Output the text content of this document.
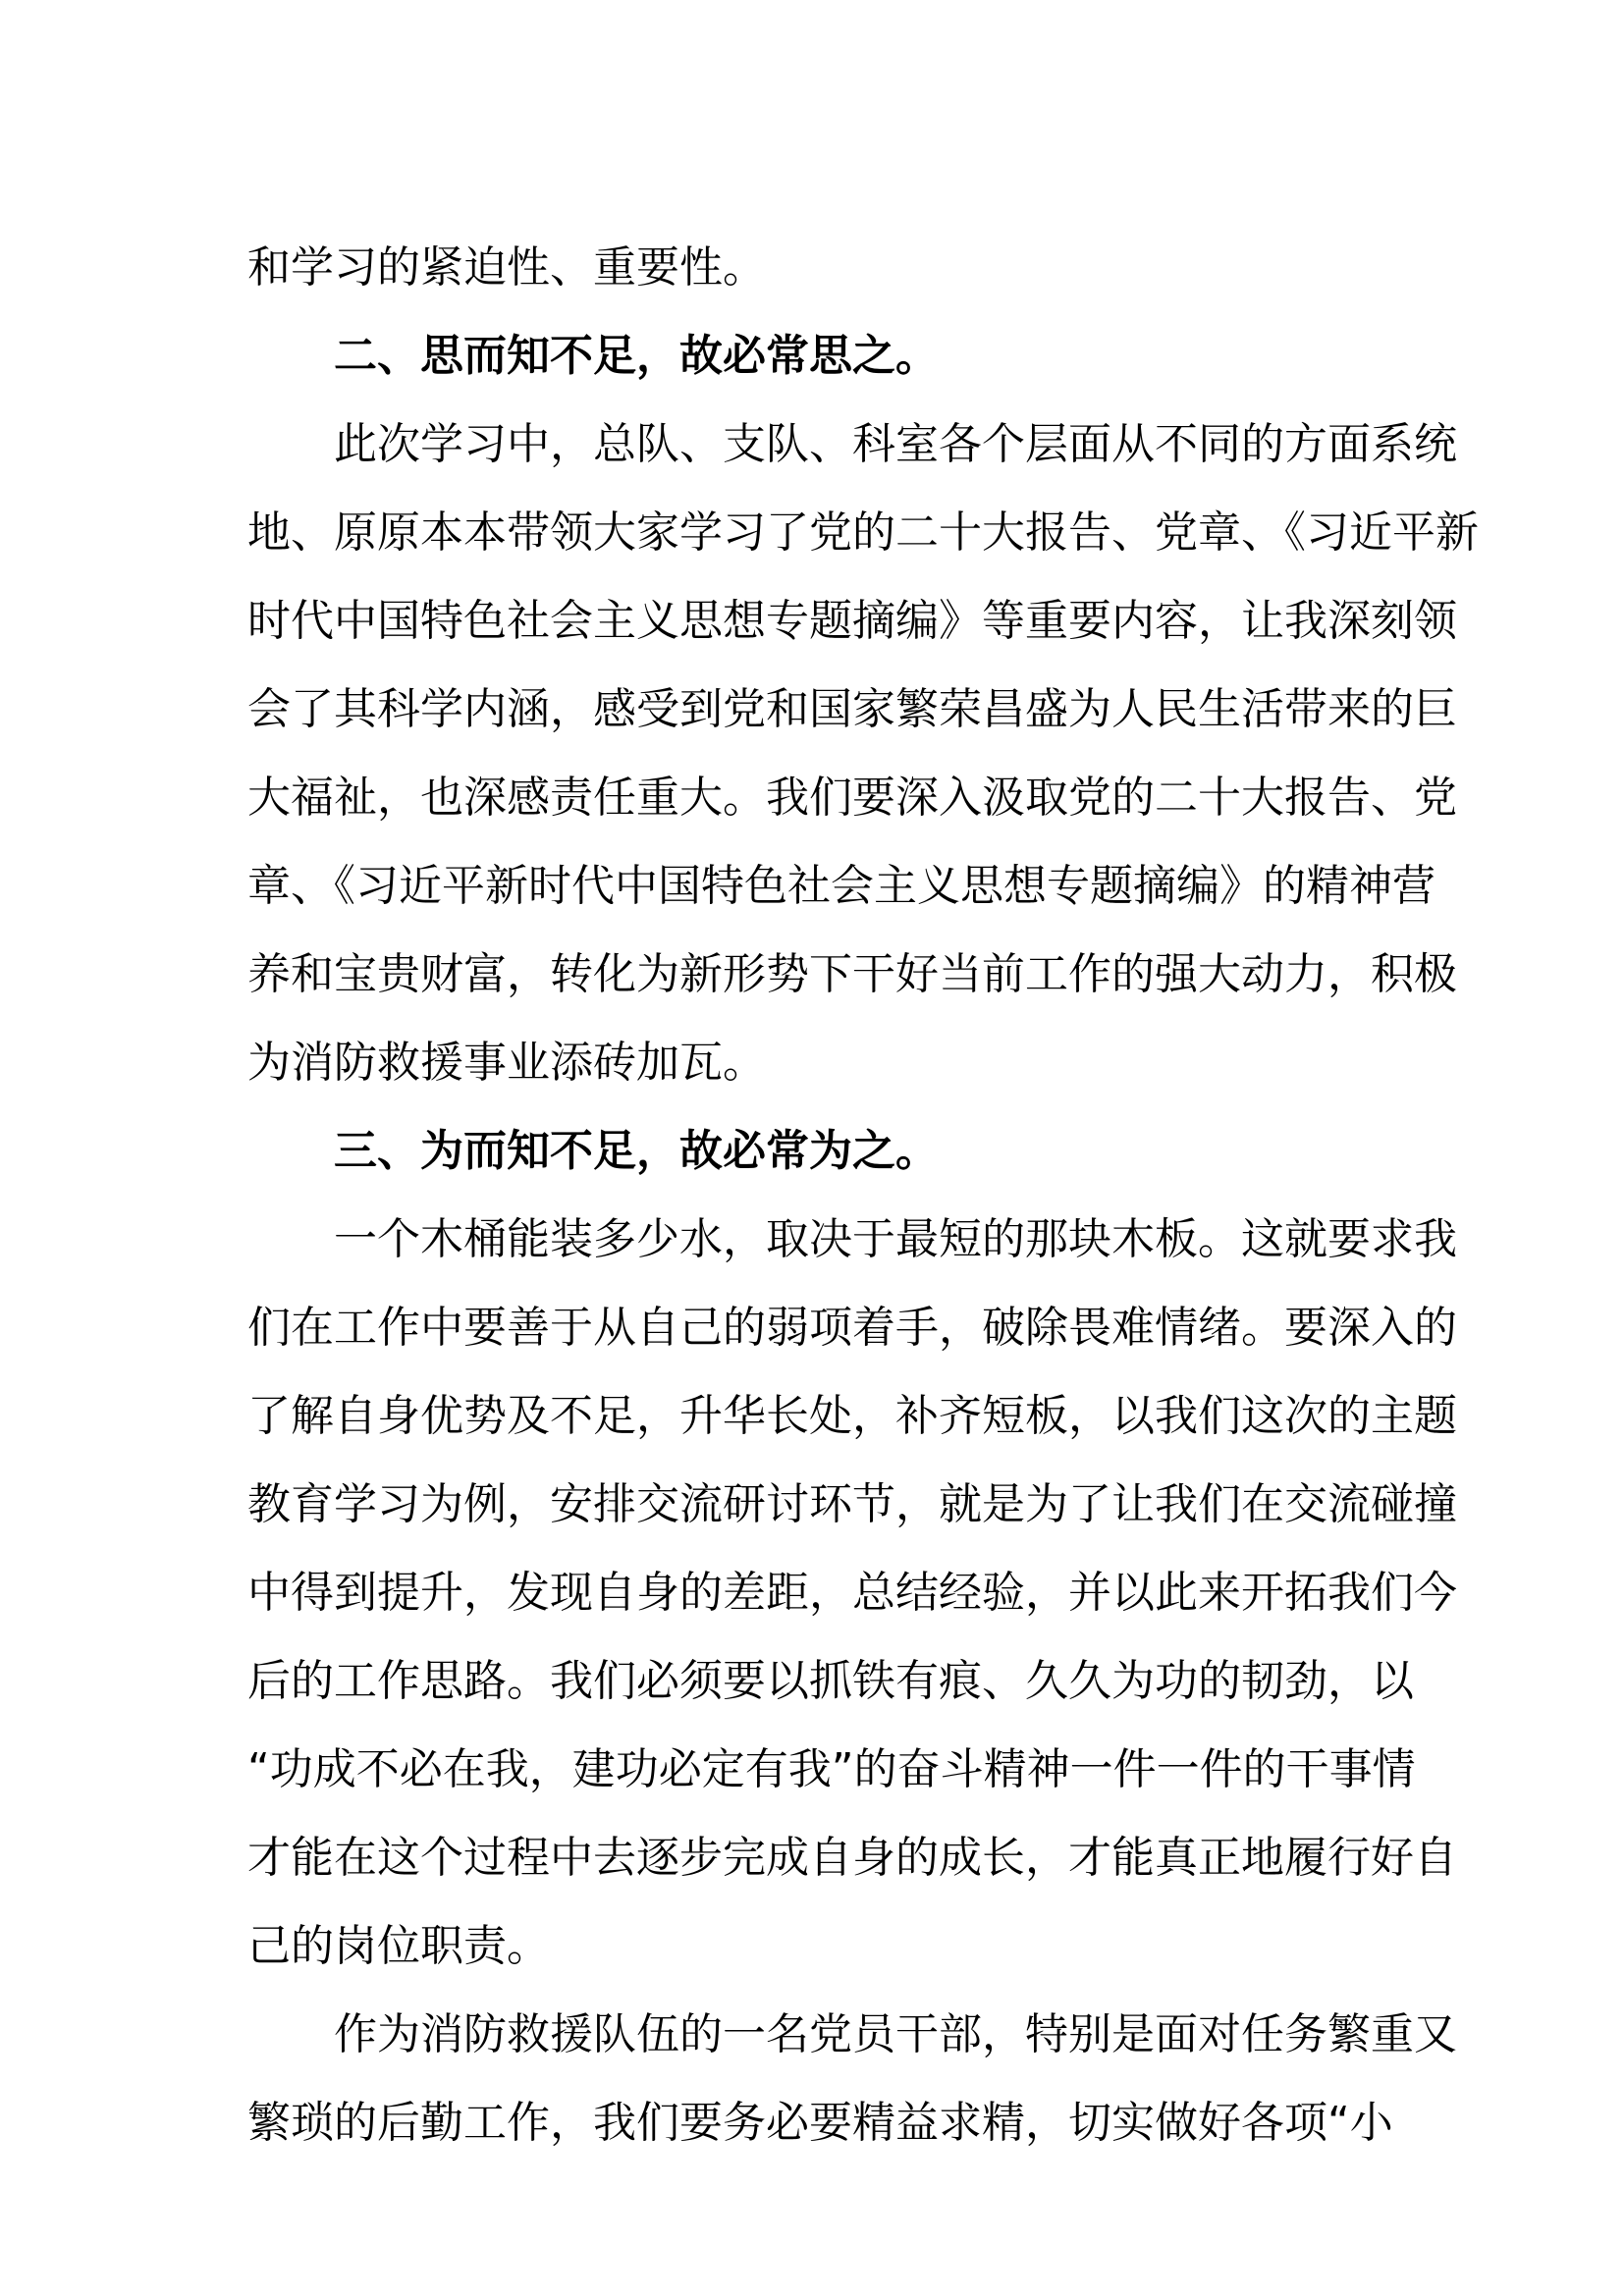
和学习的紧迫性、重要性。
二、思而知不足，故必常思之。
此次学习中，总队、支队、科室各个层面从不同的方面系统
地、原原本本带领大家学习了党的二十大报告、党章、《习近平新
时代中国特色社会主义思想专题摘编》等重要内容，让我深刻领
会了其科学内涵，感受到党和国家繁荣昌盛为人民生活带来的巨
大福祉，也深感责任重大。我们要深入汲取党的二十大报告、党
章、《习近平新时代中国特色社会主义思想专题摘编》的精神营
养和宝贵财富，转化为新形势下干好当前工作的强大动力，积极
为消防救援事业添砖加瓦。
三、为而知不足，故必常为之。
一个木桶能装多少水，取决于最短的那块木板。这就要求我
们在工作中要善于从自己的弱项着手，破除畏难情绪。要深入的
了解自身优势及不足，升华长处，补齐短板，以我们这次的主题
教育学习为例，安排交流研讨环节，就是为了让我们在交流碰撞
中得到提升，发现自身的差距，总结经验，并以此来开拓我们今
后的工作思路。我们必须要以抓铁有痕、久久为功的韧劲，以
“功成不必在我，建功必定有我”的奋斗精神一件一件的干事情
才能在这个过程中去逐步完成自身的成长，才能真正地履行好自
己的岗位职责。
作为消防救援队伍的一名党员干部，特别是面对任务繁重又
繁琐的后勤工作，我们要务必要精益求精，切实做好各项“小
